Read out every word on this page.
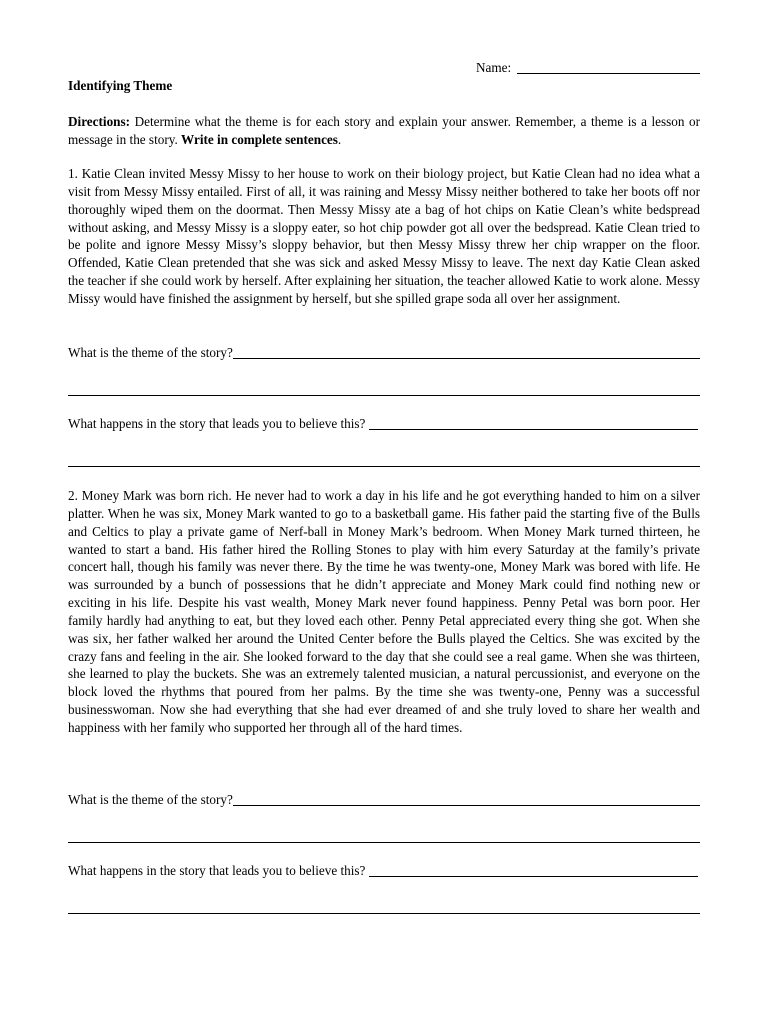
Name:
Identifying Theme
Directions: Determine what the theme is for each story and explain your answer. Remember, a theme is a lesson or message in the story. Write in complete sentences.

1. Katie Clean invited Messy Missy to her house to work on their biology project, but Katie Clean had no idea what a visit from Messy Missy entailed. First of all, it was raining and Messy Missy neither bothered to take her boots off nor thoroughly wiped them on the doormat. Then Messy Missy ate a bag of hot chips on Katie Clean’s white bedspread without asking, and Messy Missy is a sloppy eater, so hot chip powder got all over the bedspread. Katie Clean tried to be polite and ignore Messy Missy’s sloppy behavior, but then Messy Missy threw her chip wrapper on the floor. Offended, Katie Clean pretended that she was sick and asked Messy Missy to leave. The next day Katie Clean asked the teacher if she could work by herself. After explaining her situation, the teacher allowed Katie to work alone. Messy Missy would have finished the assignment by herself, but she spilled grape soda all over her assignment.

What is the theme of the story?
What happens in the story that leads you to believe this?

2. Money Mark was born rich. He never had to work a day in his life and he got everything handed to him on a silver platter. When he was six, Money Mark wanted to go to a basketball game. His father paid the starting five of the Bulls and Celtics to play a private game of Nerf-ball in Money Mark’s bedroom. When Money Mark turned thirteen, he wanted to start a band. His father hired the Rolling Stones to play with him every Saturday at the family’s private concert hall, though his family was never there. By the time he was twenty-one, Money Mark was bored with life. He was surrounded by a bunch of possessions that he didn’t appreciate and Money Mark could find nothing new or exciting in his life. Despite his vast wealth, Money Mark never found happiness. Penny Petal was born poor. Her family hardly had anything to eat, but they loved each other. Penny Petal appreciated every thing she got. When she was six, her father walked her around the United Center before the Bulls played the Celtics. She was excited by the crazy fans and feeling in the air. She looked forward to the day that she could see a real game. When she was thirteen, she learned to play the buckets. She was an extremely talented musician, a natural percussionist, and everyone on the block loved the rhythms that poured from her palms. By the time she was twenty-one, Penny was a successful businesswoman. Now she had everything that she had ever dreamed of and she truly loved to share her wealth and happiness with her family who supported her through all of the hard times.

What is the theme of the story?
What happens in the story that leads you to believe this?
